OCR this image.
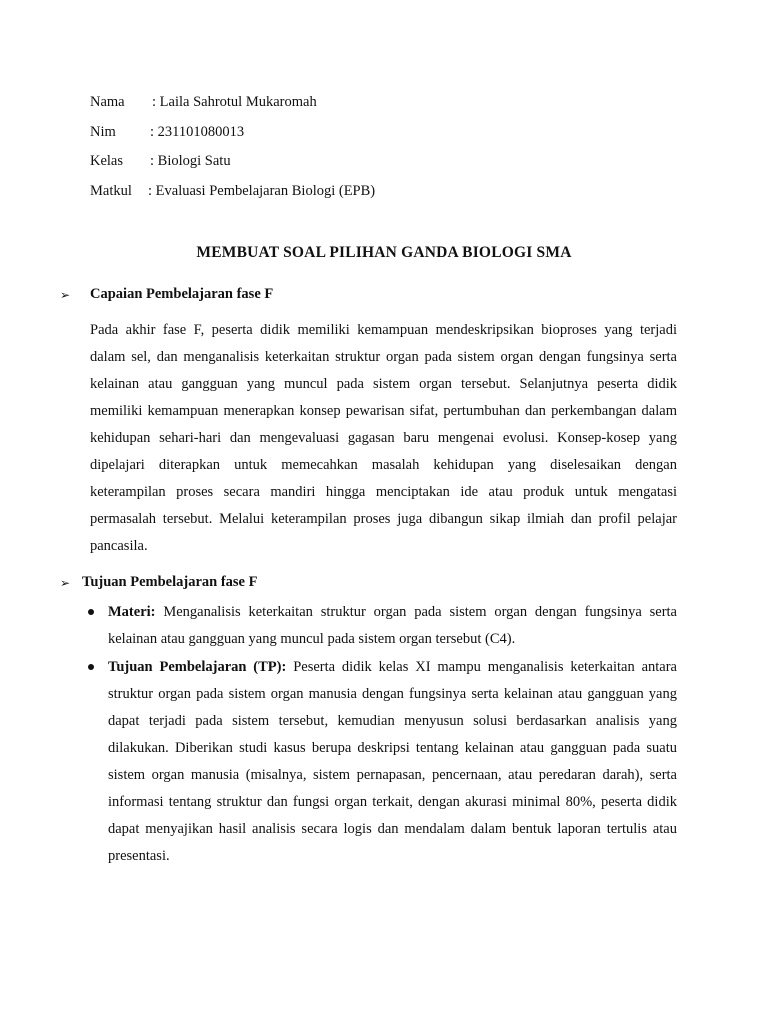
Nama : Laila Sahrotul Mukaromah
Nim : 231101080013
Kelas : Biologi Satu
Matkul : Evaluasi Pembelajaran Biologi (EPB)
MEMBUAT SOAL PILIHAN GANDA BIOLOGI SMA
➢ Capaian Pembelajaran fase F
Pada akhir fase F, peserta didik memiliki kemampuan mendeskripsikan bioproses yang terjadi
dalam sel, dan menganalisis keterkaitan struktur organ pada sistem organ dengan fungsinya serta
kelainan atau gangguan yang muncul pada sistem organ tersebut. Selanjutnya peserta didik
memiliki kemampuan menerapkan konsep pewarisan sifat, pertumbuhan dan perkembangan dalam
kehidupan sehari-hari dan mengevaluasi gagasan baru mengenai evolusi. Konsep-kosep yang
dipelajari diterapkan untuk memecahkan masalah kehidupan yang diselesaikan dengan
keterampilan proses secara mandiri hingga menciptakan ide atau produk untuk mengatasi
permasalah tersebut. Melalui keterampilan proses juga dibangun sikap ilmiah dan profil pelajar
pancasila.
➢ Tujuan Pembelajaran fase F
Materi: Menganalisis keterkaitan struktur organ pada sistem organ dengan fungsinya serta
kelainan atau gangguan yang muncul pada sistem organ tersebut (C4).
Tujuan Pembelajaran (TP): Peserta didik kelas XI mampu menganalisis keterkaitan antara
struktur organ pada sistem organ manusia dengan fungsinya serta kelainan atau gangguan yang
dapat terjadi pada sistem tersebut, kemudian menyusun solusi berdasarkan analisis yang
dilakukan. Diberikan studi kasus berupa deskripsi tentang kelainan atau gangguan pada suatu
sistem organ manusia (misalnya, sistem pernapasan, pencernaan, atau peredaran darah), serta
informasi tentang struktur dan fungsi organ terkait, dengan akurasi minimal 80%, peserta didik
dapat menyajikan hasil analisis secara logis dan mendalam dalam bentuk laporan tertulis atau
presentasi.
